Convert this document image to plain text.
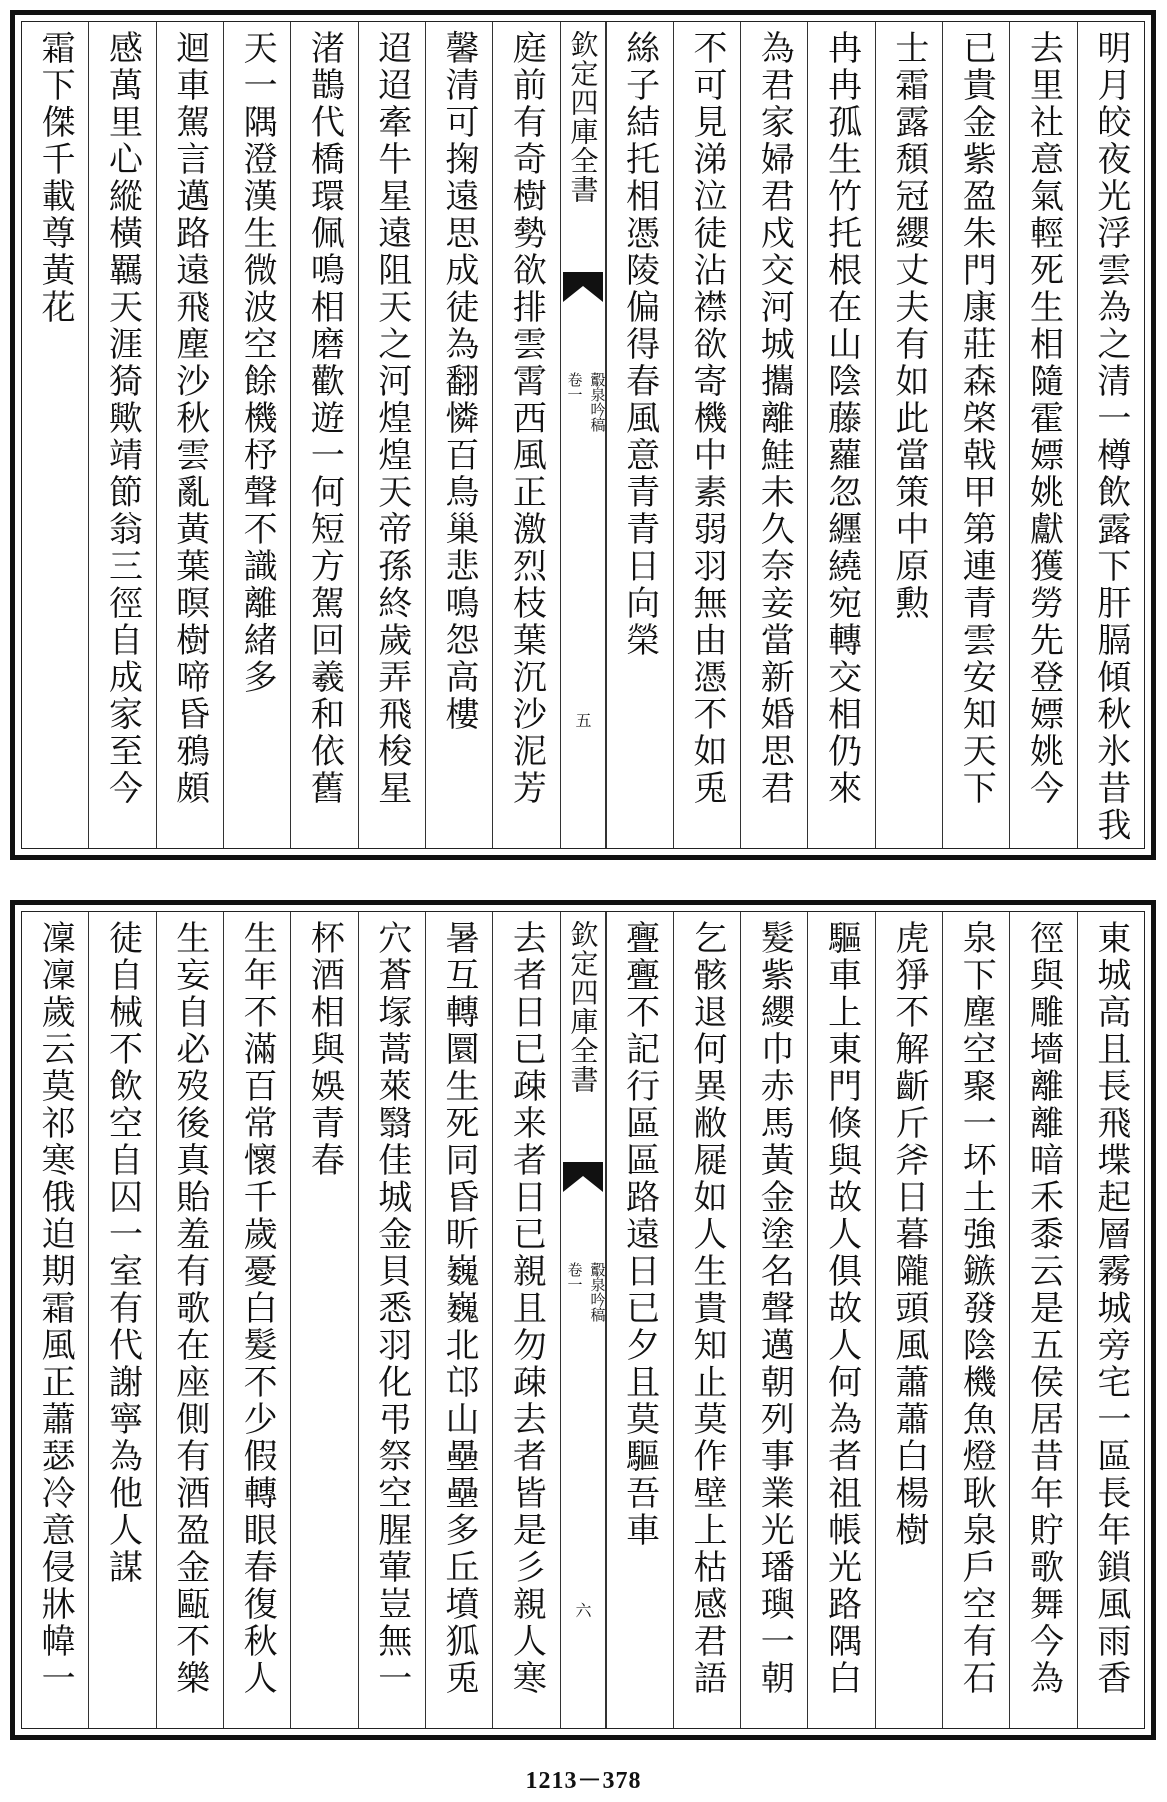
明月皎夜光浮雲為之清一樽飲露下肝膈傾秋氷昔我
去里社意氣輕死生相隨霍嫖姚獻獲勞先登嫖姚今
已貴金紫盈朱門康莊森棨戟甲第連青雲安知天下
士霜露頹冠纓丈夫有如此當策中原勲
冉冉孤生竹托根在山陰藤蘿忽纒繞宛轉交相仍來
為君家婦君戍交河城攜離鮭未久奈妾當新婚思君
不可見涕泣徒沾襟欲寄機中素弱羽無由憑不如兎
絲子結托相憑陵偏得春風意青青日向榮
欽定四庫全書
鷇泉吟稿
卷一
五
庭前有奇樹勢欲排雲霄西風正激烈枝葉沉沙泥芳
馨清可掬遠思成徒為翻憐百鳥巢悲鳴怨高樓
迢迢牽牛星遠阻天之河煌煌天帝孫終歲弄飛梭星
渚鵲代橋環佩鳴相磨歡遊一何短方駕回羲和依舊
天一隅澄漢生微波空餘機杼聲不識離緒多
迴車駕言邁路遠飛塵沙秋雲亂黃葉暝樹啼昏鴉頗
感萬里心縱橫羈天涯猗歟靖節翁三徑自成家至今
霜下傑千載尊黃花
東城高且長飛堞起層霧城旁宅一區長年鎖風雨香
徑與雕墻離離暗禾黍云是五侯居昔年貯歌舞今為
泉下塵空聚一坏土強鏃發陰機魚燈耿泉戶空有石
虎猙不解齗斤斧日暮隴頭風蕭蕭白楊樹
驅車上東門倏與故人俱故人何為者祖帳光路隅白
髮紫纓巾赤馬黃金塗名聲邁朝列事業光璠璵一朝
乞骸退何異敝屣如人生貴知止莫作壁上枯感君語
亹亹不記行區區路遠日已夕且莫驅吾車
欽定四庫全書
鷇泉吟稿
卷一
六
去者日已疎来者日已親且勿疎去者皆是彡親人寒
暑互轉圜生死同昏昕巍巍北邙山壘壘多丘墳狐兎
穴蒼塜蒿萊翳佳城金貝悉羽化弔祭空腥葷豈無一
杯酒相與娛青春
生年不滿百常懷千歲憂白髮不少假轉眼春復秋人
生妄自必歿後真貽羞有歌在座側有酒盈金甌不樂
徒自械不飲空自囚一室有代謝寧為他人謀
凜凜歲云莫祁寒俄迫期霜風正蕭瑟冷意侵牀幃一
1213－378
